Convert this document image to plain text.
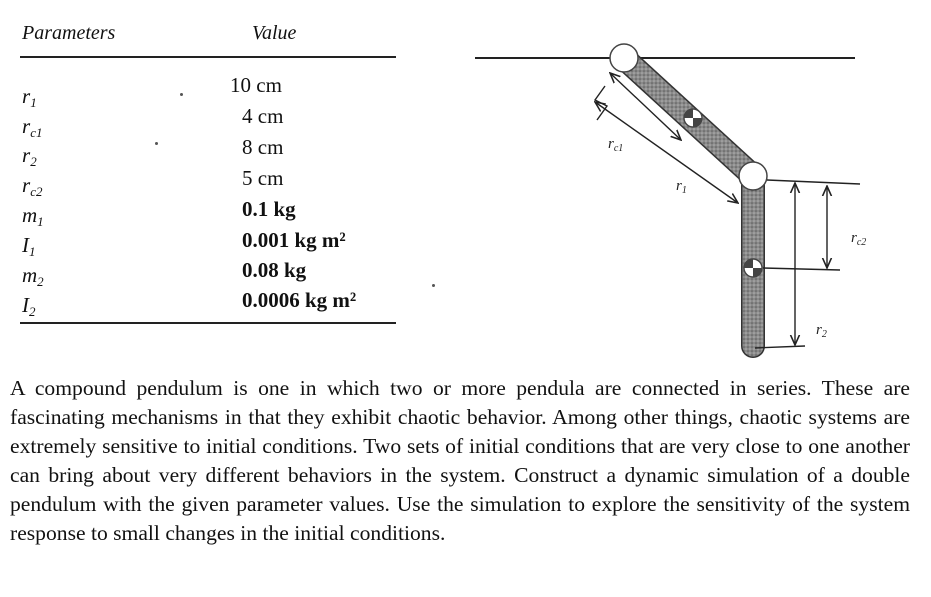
Parameters	Value
$r_1$
$r_{c1}$
$r_2$
$r_{c2}$
$m_1$
$I_1$
$m_2$
$I_2$
10 cm
4 cm
8 cm
5 cm
0.1 kg
0.001 kg m²
0.08 kg
0.0006 kg m²
$r_{c1}$
$r_1$
$r_{c2}$
$r_2$
A compound pendulum is one in which two or more pendula are connected in series. These are fascinating mechanisms in that they exhibit chaotic behavior. Among other things, chaotic systems are extremely sensitive to initial conditions. Two sets of initial conditions that are very close to one another can bring about very different behaviors in the system. Construct a dynamic simulation of a double pendulum with the given parameter values. Use the simulation to explore the sensitivity of the system response to small changes in the initial conditions.
